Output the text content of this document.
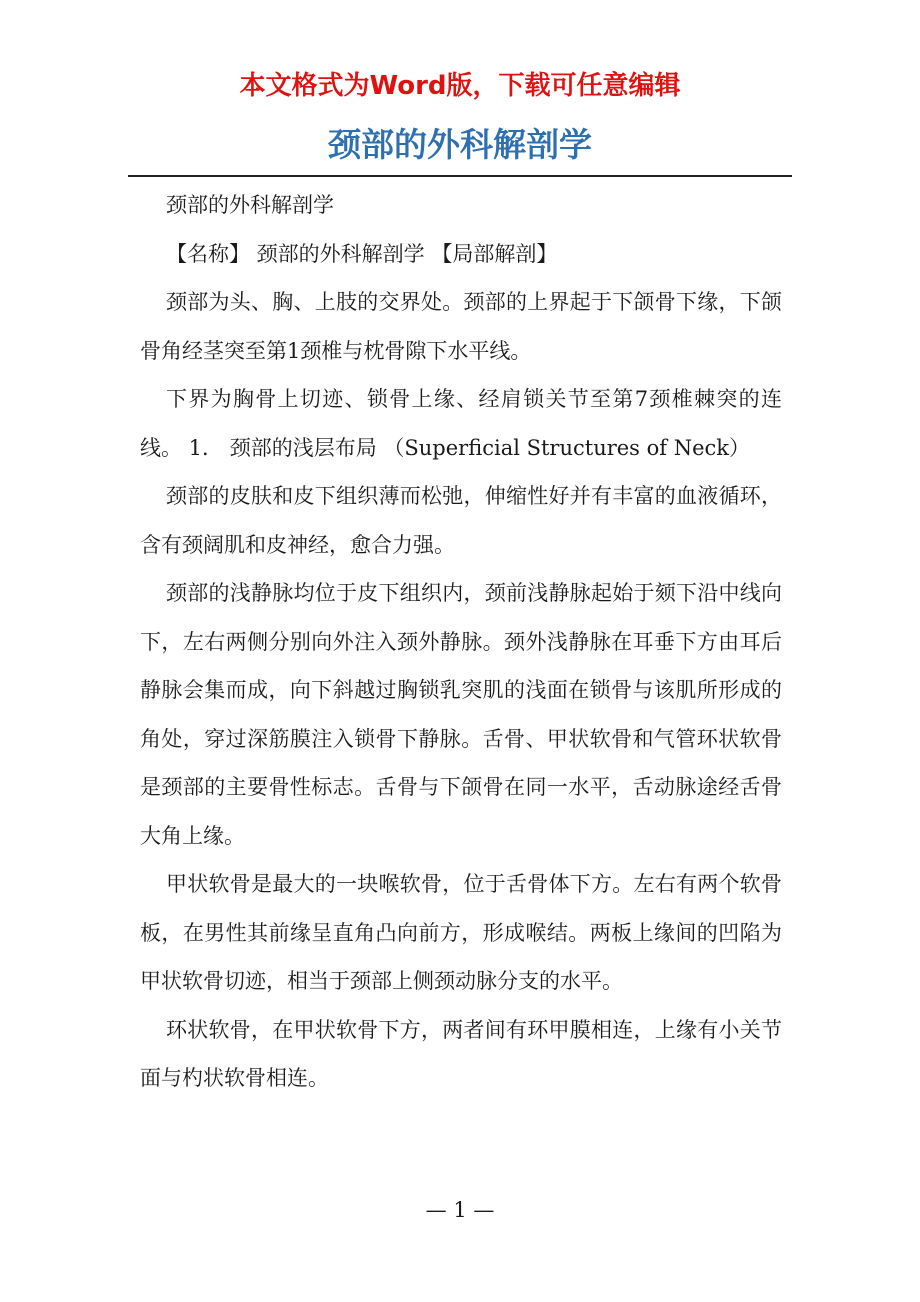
本文格式为Word版，下载可任意编辑
颈部的外科解剖学

颈部的外科解剖学

【名称】 颈部的外科解剖学 【局部解剖】

颈部为头、胸、上肢的交界处。颈部的上界起于下颌骨下缘，下颌骨角经茎突至第1颈椎与枕骨隙下水平线。

下界为胸骨上切迹、锁骨上缘、经肩锁关节至第7颈椎棘突的连线。 1． 颈部的浅层布局 （Superficial Structures of Neck）

颈部的皮肤和皮下组织薄而松弛，伸缩性好并有丰富的血液循环，含有颈阔肌和皮神经，愈合力强。

颈部的浅静脉均位于皮下组织内，颈前浅静脉起始于颏下沿中线向下，左右两侧分别向外注入颈外静脉。颈外浅静脉在耳垂下方由耳后静脉会集而成，向下斜越过胸锁乳突肌的浅面在锁骨与该肌所形成的角处，穿过深筋膜注入锁骨下静脉。舌骨、甲状软骨和气管环状软骨是颈部的主要骨性标志。舌骨与下颌骨在同一水平，舌动脉途经舌骨大角上缘。

甲状软骨是最大的一块喉软骨，位于舌骨体下方。左右有两个软骨板，在男性其前缘呈直角凸向前方，形成喉结。两板上缘间的凹陷为甲状软骨切迹，相当于颈部上侧颈动脉分支的水平。

环状软骨，在甲状软骨下方，两者间有环甲膜相连，上缘有小关节面与杓状软骨相连。

— 1 —
